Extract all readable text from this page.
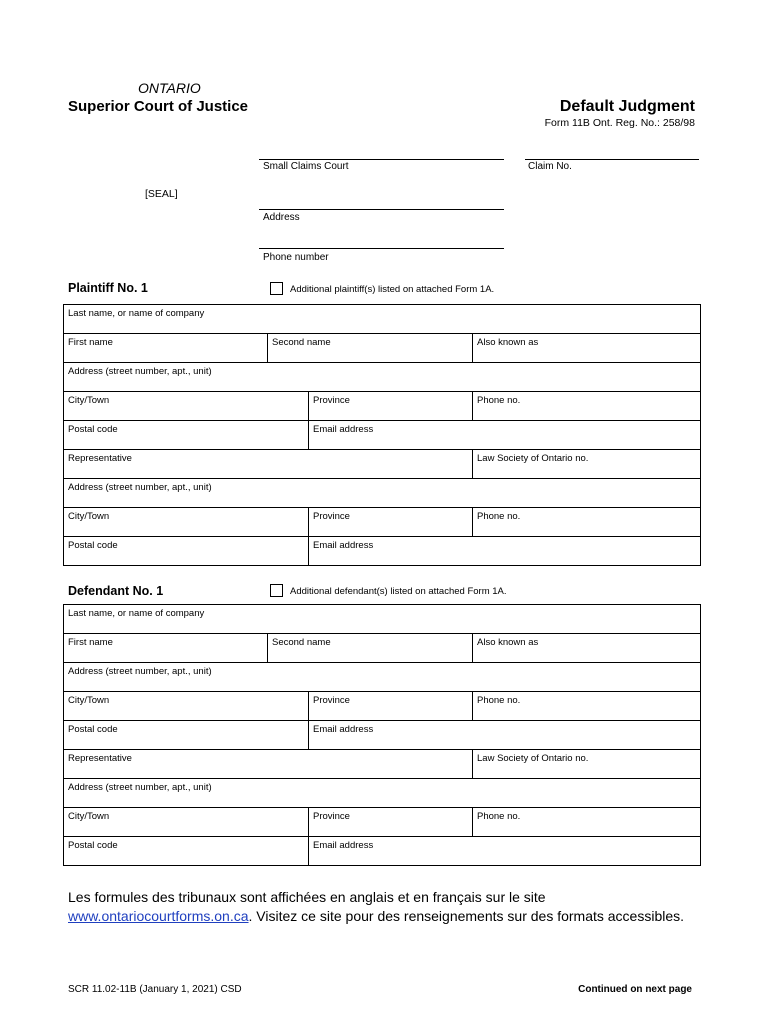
ONTARIO
Superior Court of Justice	Default Judgment
Form 11B Ont. Reg. No.: 258/98
Small Claims Court	Claim No.
[SEAL]
Address
Phone number
Plaintiff No. 1	Additional plaintiff(s) listed on attached Form 1A.
Last name, or name of company			
First name	Second name		Also known as
Address (street number, apt., unit)			
City/Town		Province	Phone no.
Postal code		Email address	
Representative			Law Society of Ontario no.
Address (street number, apt., unit)			
City/Town		Province	Phone no.
Postal code		Email address	
Defendant No. 1	Additional defendant(s) listed on attached Form 1A.
Last name, or name of company			
First name	Second name		Also known as
Address (street number, apt., unit)			
City/Town		Province	Phone no.
Postal code		Email address	
Representative			Law Society of Ontario no.
Address (street number, apt., unit)			
City/Town		Province	Phone no.
Postal code		Email address	
Les formules des tribunaux sont affichées en anglais et en français sur le site
www.ontariocourtforms.on.ca. Visitez ce site pour des renseignements sur des formats accessibles.
SCR 11.02-11B (January 1, 2021) CSD	Continued on next page
